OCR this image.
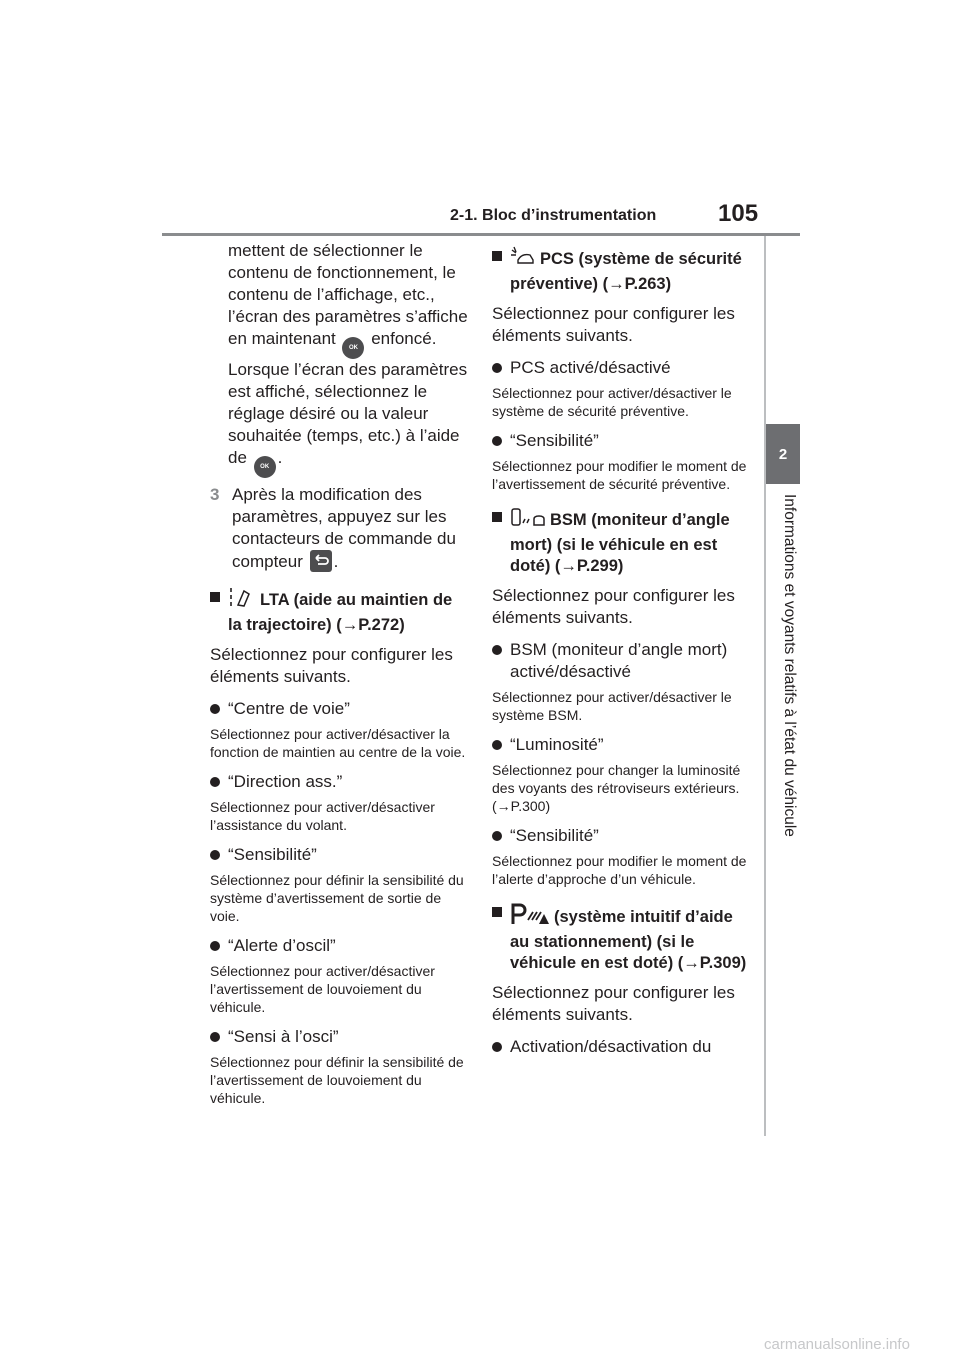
2-1. Bloc d’instrumentation	105
2
Informations et voyants relatifs à l’état du véhicule

mettent de sélectionner le contenu de fonctionnement, le contenu de l’affichage, etc., l’écran des paramètres s’affiche en maintenant OK enfoncé. Lorsque l’écran des paramètres est affiché, sélectionnez le réglage désiré ou la valeur souhaitée (temps, etc.) à l’aide de OK .

3 Après la modification des paramètres, appuyez sur les contacteurs de commande du compteur .

LTA (aide au maintien de la trajectoire) (→P.272)
Sélectionnez pour configurer les éléments suivants.
“Centre de voie”
Sélectionnez pour activer/désactiver la fonction de maintien au centre de la voie.
“Direction ass.”
Sélectionnez pour activer/désactiver l’assistance du volant.
“Sensibilité”
Sélectionnez pour définir la sensibilité du système d’avertissement de sortie de voie.
“Alerte d’oscil”
Sélectionnez pour activer/désactiver l’avertissement de louvoiement du véhicule.
“Sensi à l’osci”
Sélectionnez pour définir la sensibilité de l’avertissement de louvoiement du véhicule.
PCS (système de sécurité préventive) (→P.263)
Sélectionnez pour configurer les éléments suivants.
PCS activé/désactivé
Sélectionnez pour activer/désactiver le système de sécurité préventive.
“Sensibilité”
Sélectionnez pour modifier le moment de l’avertissement de sécurité préventive.
BSM (moniteur d’angle mort) (si le véhicule en est doté) (→P.299)
Sélectionnez pour configurer les éléments suivants.
BSM (moniteur d’angle mort) activé/désactivé
Sélectionnez pour activer/désactiver le système BSM.
“Luminosité”
Sélectionnez pour changer la luminosité des voyants des rétroviseurs extérieurs. (→P.300)
“Sensibilité”
Sélectionnez pour modifier le moment de l’alerte d’approche d’un véhicule.
(système intuitif d’aide au stationnement) (si le véhicule en est doté) (→P.309)
Sélectionnez pour configurer les éléments suivants.
Activation/désactivation du
carmanualsonline.info
